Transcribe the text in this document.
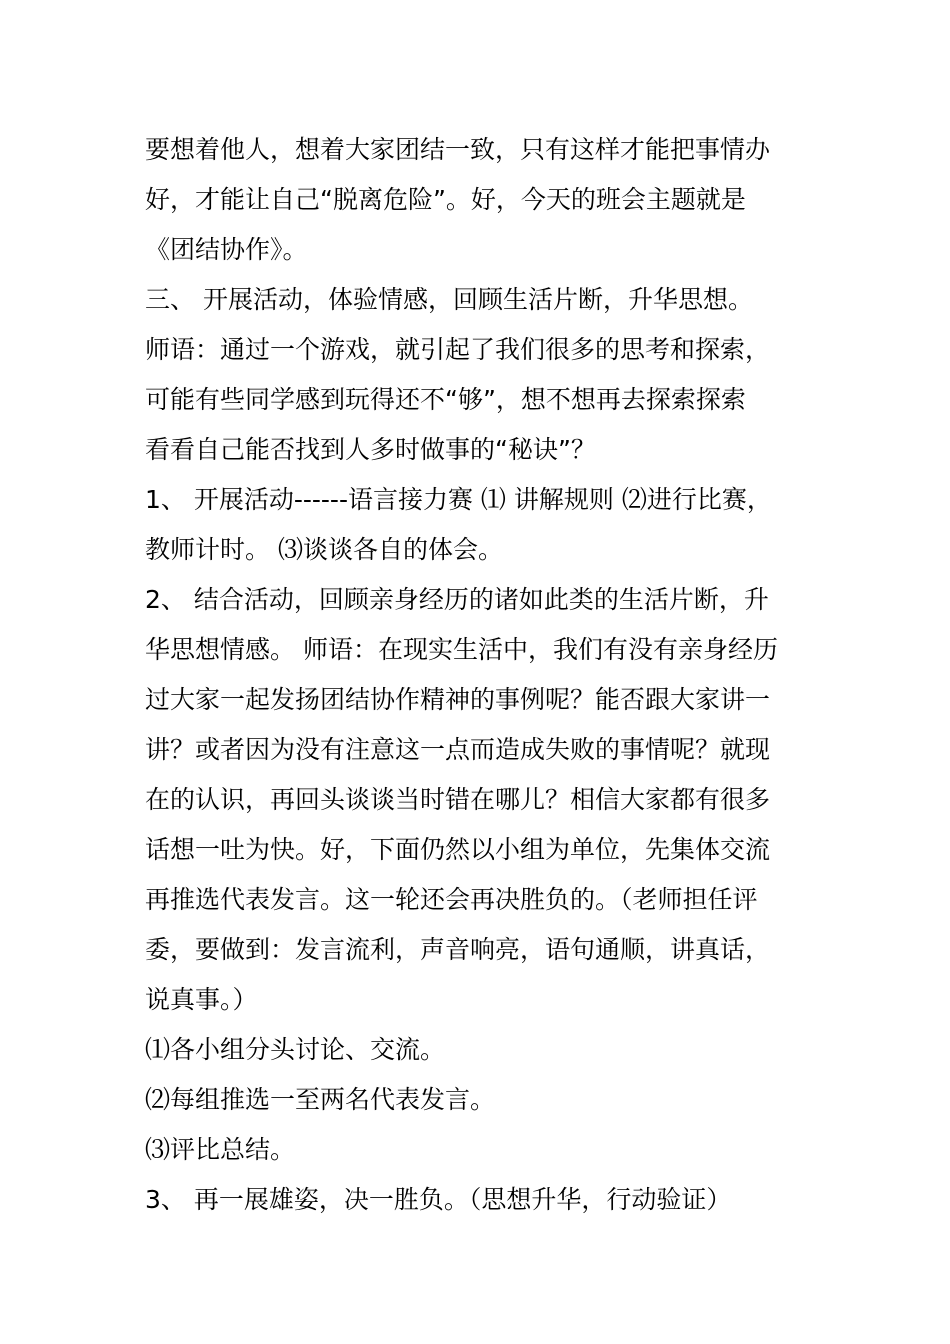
要想着他人，想着大家团结一致，只有这样才能把事情办
好，才能让自己“脱离危险”。好，今天的班会主题就是
《团结协作》。
三、 开展活动，体验情感，回顾生活片断，升华思想。
师语：通过一个游戏，就引起了我们很多的思考和探索，
可能有些同学感到玩得还不“够”，想不想再去探索探索
看看自己能否找到人多时做事的“秘诀”？
1、 开展活动------语言接力赛 ⑴ 讲解规则 ⑵进行比赛，
教师计时。 ⑶谈谈各自的体会。
2、 结合活动，回顾亲身经历的诸如此类的生活片断，升
华思想情感。 师语：在现实生活中，我们有没有亲身经历
过大家一起发扬团结协作精神的事例呢？能否跟大家讲一
讲？或者因为没有注意这一点而造成失败的事情呢？就现
在的认识，再回头谈谈当时错在哪儿？相信大家都有很多
话想一吐为快。好，下面仍然以小组为单位，先集体交流
再推选代表发言。这一轮还会再决胜负的。（老师担任评
委，要做到：发言流利，声音响亮，语句通顺，讲真话，
说真事。）
⑴各小组分头讨论、交流。
⑵每组推选一至两名代表发言。
⑶评比总结。
3、 再一展雄姿，决一胜负。（思想升华，行动验证）
